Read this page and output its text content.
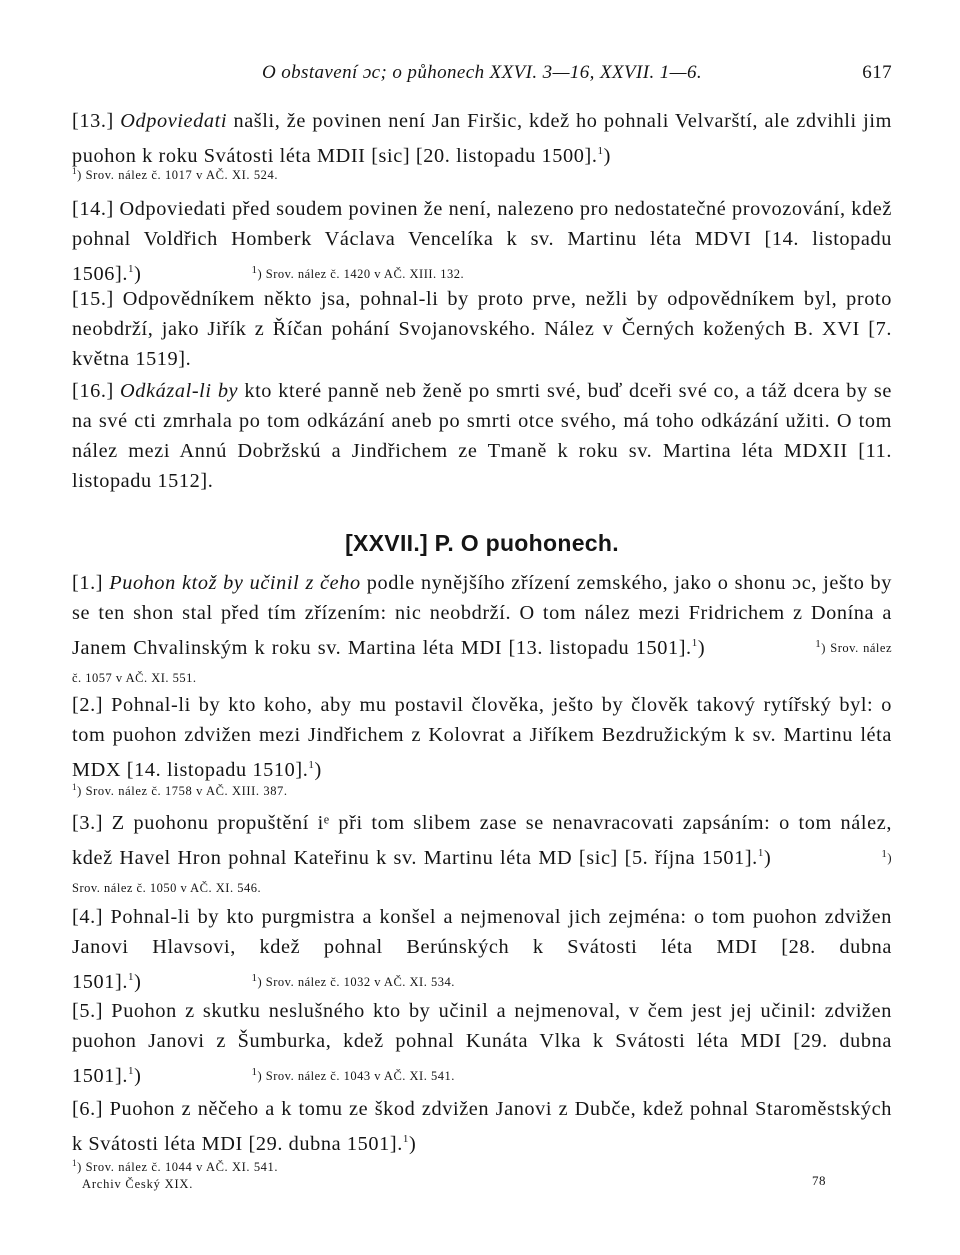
O obstavení ɔc; o půhonech XXVI. 3—16, XXVII. 1—6.	617

[13.] Odpoviedati našli, že povinen není Jan Firšic, kdež ho pohnali Velvarští, ale zdvihli jim puohon k roku Svátosti léta MDII [sic] [20. listopadu 1500].$^1$)

$^1$) Srov. nález č. 1017 v AČ. XI. 524.

[14.] Odpoviedati před soudem povinen že není, nalezeno pro nedostatečné provozování, kdež pohnal Voldřich Homberk Václava Vencelíka k sv. Martinu léta MDVI [14. listopadu 1506].$^1$)	$^1$) Srov. nález č. 1420 v AČ. XIII. 132.

[15.] Odpovědníkem někto jsa, pohnal-li by proto prve, nežli by odpovědníkem byl, proto neobdrží, jako Jiřík z Říčan pohání Svojanovského. Nález v Černých kožených B. XVI [7. května 1519].

[16.] Odkázal-li by kto které panně neb ženě po smrti své, buď dceři své co, a táž dcera by se na své cti zmrhala po tom odkázání aneb po smrti otce svého, má toho odkázání užiti. O tom nález mezi Annú Dobržskú a Jindřichem ze Tmaně k roku sv. Martina léta MDXII [11. listopadu 1512].

[XXVII.] P. O puohonech.

[1.] Puohon ktož by učinil z čeho podle nynějšího zřízení zemského, jako o shonu ɔc, ješto by se ten shon stal před tím zřízením: nic neobdrží. O tom nález mezi Fridrichem z Donína a Janem Chvalinským k roku sv. Martina léta MDI [13. listopadu 1501].$^1$)	$^1$) Srov. nález č. 1057 v AČ. XI. 551.

[2.] Pohnal-li by kto koho, aby mu postavil člověka, ješto by člověk takový rytířský byl: o tom puohon zdvižen mezi Jindřichem z Kolovrat a Jiříkem Bezdružickým k sv. Martinu léta MDX [14. listopadu 1510].$^1$)

$^1$) Srov. nález č. 1758 v AČ. XIII. 387.

[3.] Z puohonu propuštění iᵉ při tom slibem zase se nenavracovati zapsáním: o tom nález, kdež Havel Hron pohnal Kateřinu k sv. Martinu léta MD [sic] [5. října 1501].$^1$)	$^1$) Srov. nález č. 1050 v AČ. XI. 546.

[4.] Pohnal-li by kto purgmistra a konšel a nejmenoval jich zejména: o tom puohon zdvižen Janovi Hlavsovi, kdež pohnal Berúnských k Svátosti léta MDI [28. dubna 1501].$^1$)	$^1$) Srov. nález č. 1032 v AČ. XI. 534.

[5.] Puohon z skutku neslušného kto by učinil a nejmenoval, v čem jest jej učinil: zdvižen puohon Janovi z Šumburka, kdež pohnal Kunáta Vlka k Svátosti léta MDI [29. dubna 1501].$^1$)	$^1$) Srov. nález č. 1043 v AČ. XI. 541.

[6.] Puohon z něčeho a k tomu ze škod zdvižen Janovi z Dubče, kdež pohnal Staroměstských k Svátosti léta MDI [29. dubna 1501].$^1$)

$^1$) Srov. nález č. 1044 v AČ. XI. 541.
Archiv Český XIX.	78
